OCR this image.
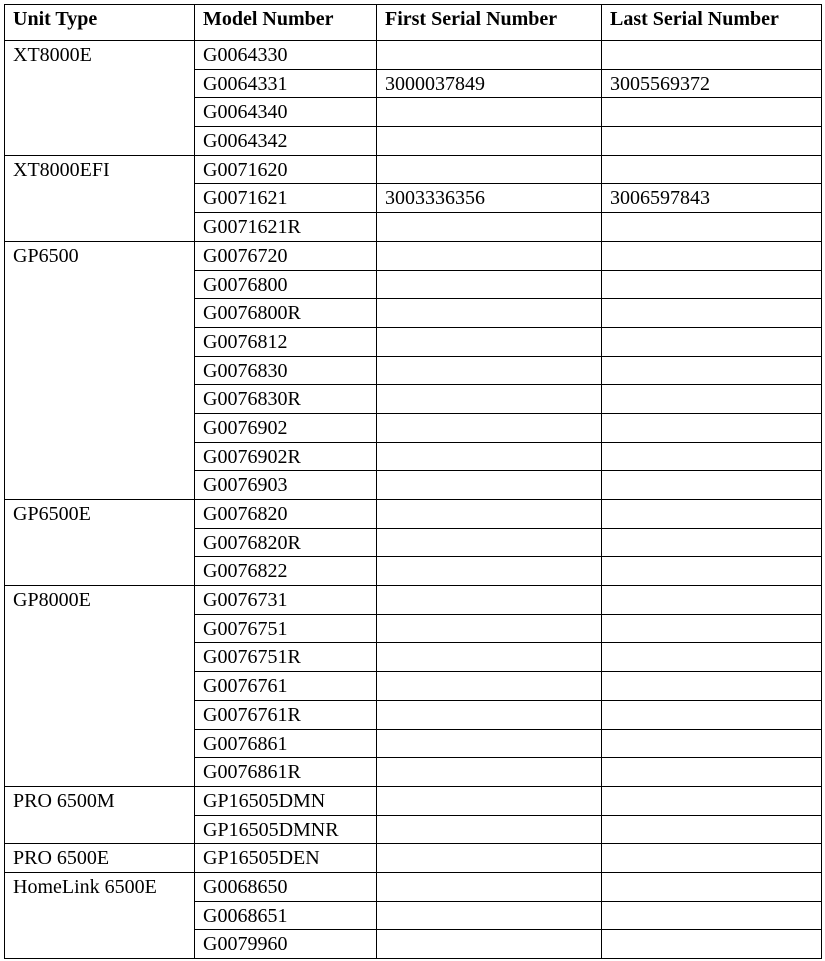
Unit Type	Model Number	First Serial Number	Last Serial Number
XT8000E	G0064330		
	G0064331	3000037849	3005569372
	G0064340		
	G0064342		
XT8000EFI	G0071620		
	G0071621	3003336356	3006597843
	G0071621R		
GP6500	G0076720		
	G0076800		
	G0076800R		
	G0076812		
	G0076830		
	G0076830R		
	G0076902		
	G0076902R		
	G0076903		
GP6500E	G0076820		
	G0076820R		
	G0076822		
GP8000E	G0076731		
	G0076751		
	G0076751R		
	G0076761		
	G0076761R		
	G0076861		
	G0076861R		
PRO 6500M	GP16505DMN		
	GP16505DMNR		
PRO 6500E	GP16505DEN		
HomeLink 6500E	G0068650		
	G0068651		
	G0079960		
